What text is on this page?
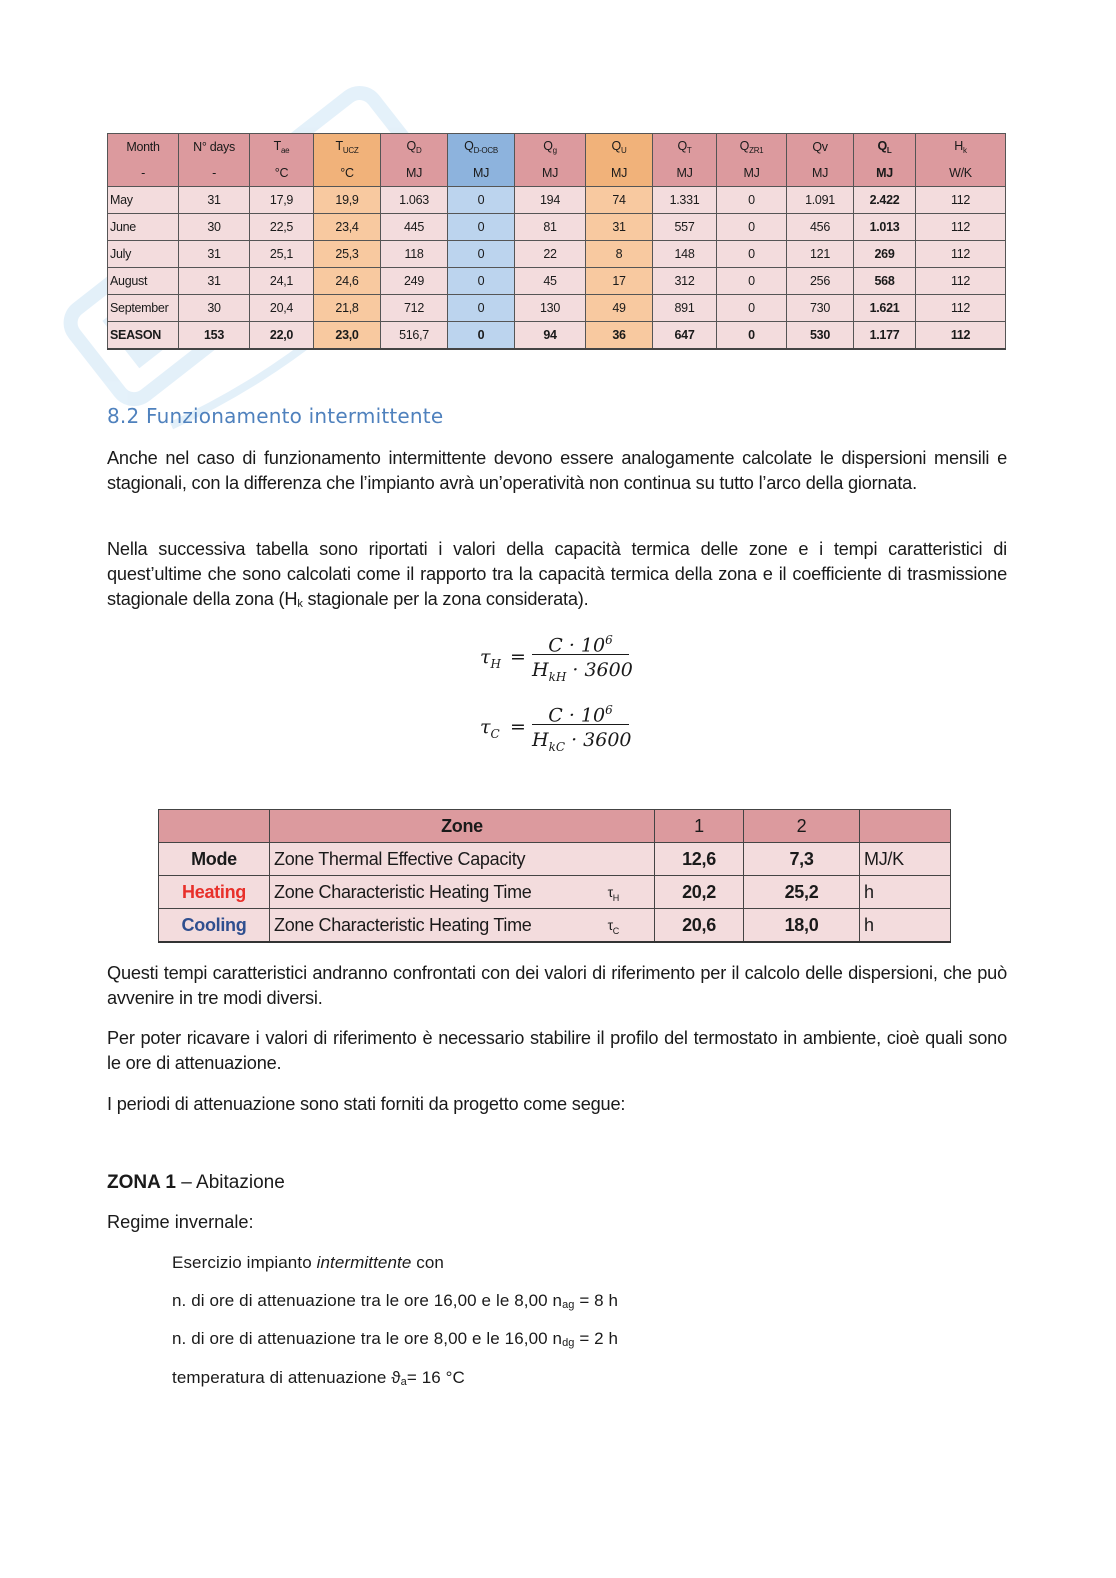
Month	N° days	$T_{ae}$	$T_{UCZ}$	$Q_D$	$Q_{D-OCB}$	$Q_g$	$Q_U$	$Q_T$	$Q_{ZR1}$	Qv	$Q_L$	$H_k$
-	-	°C	°C	MJ	MJ	MJ	MJ	MJ	MJ	MJ	MJ	W/K
May	31	17,9	19,9	1.063	0	194	74	1.331	0	1.091	2.422	112
June	30	22,5	23,4	445	0	81	31	557	0	456	1.013	112
July	31	25,1	25,3	118	0	22	8	148	0	121	269	112
August	31	24,1	24,6	249	0	45	17	312	0	256	568	112
September	30	20,4	21,8	712	0	130	49	891	0	730	1.621	112
SEASON	153	22,0	23,0	516,7	0	94	36	647	0	530	1.177	112
8.2 Funzionamento intermittente

Anche nel caso di funzionamento intermittente devono essere analogamente calcolate le dispersioni mensili e stagionali, con la differenza che l’impianto avrà un’operatività non continua su tutto l’arco della giornata.

Nella successiva tabella sono riportati i valori della capacità termica delle zone e i tempi caratteristici di quest’ultime che sono calcolati come il rapporto tra la capacità termica della zona e il coefficiente di trasmissione stagionale della zona ($H_k$ stagionale per la zona considerata).

$\tau_H$ =
$C \cdot 10^6$
$H_{kH} \cdot 3600$
$\tau_C$ =
$C \cdot 10^6$
$H_{kC} \cdot 3600$
	Zone	1	2	
Mode	Zone Thermal Effective Capacity	12,6	7,3	MJ/K
Heating	Zone Characteristic Heating Time $\tau_H$	20,2	25,2	h
Cooling	Zone Characteristic Heating Time $\tau_C$	20,6	18,0	h

Questi tempi caratteristici andranno confrontati con dei valori di riferimento per il calcolo delle dispersioni, che può avvenire in tre modi diversi.

Per poter ricavare i valori di riferimento è necessario stabilire il profilo del termostato in ambiente, cioè quali sono le ore di attenuazione.

I periodi di attenuazione sono stati forniti da progetto come segue:

ZONA 1 – Abitazione
Regime invernale:
Esercizio impianto intermittente con
n. di ore di attenuazione tra le ore 16,00 e le 8,00 $n_{ag} = 8$ h
n. di ore di attenuazione tra le ore 8,00 e le 16,00 $n_{dg} = 2$ h
temperatura di attenuazione $ϑ_a= 16$ °C
